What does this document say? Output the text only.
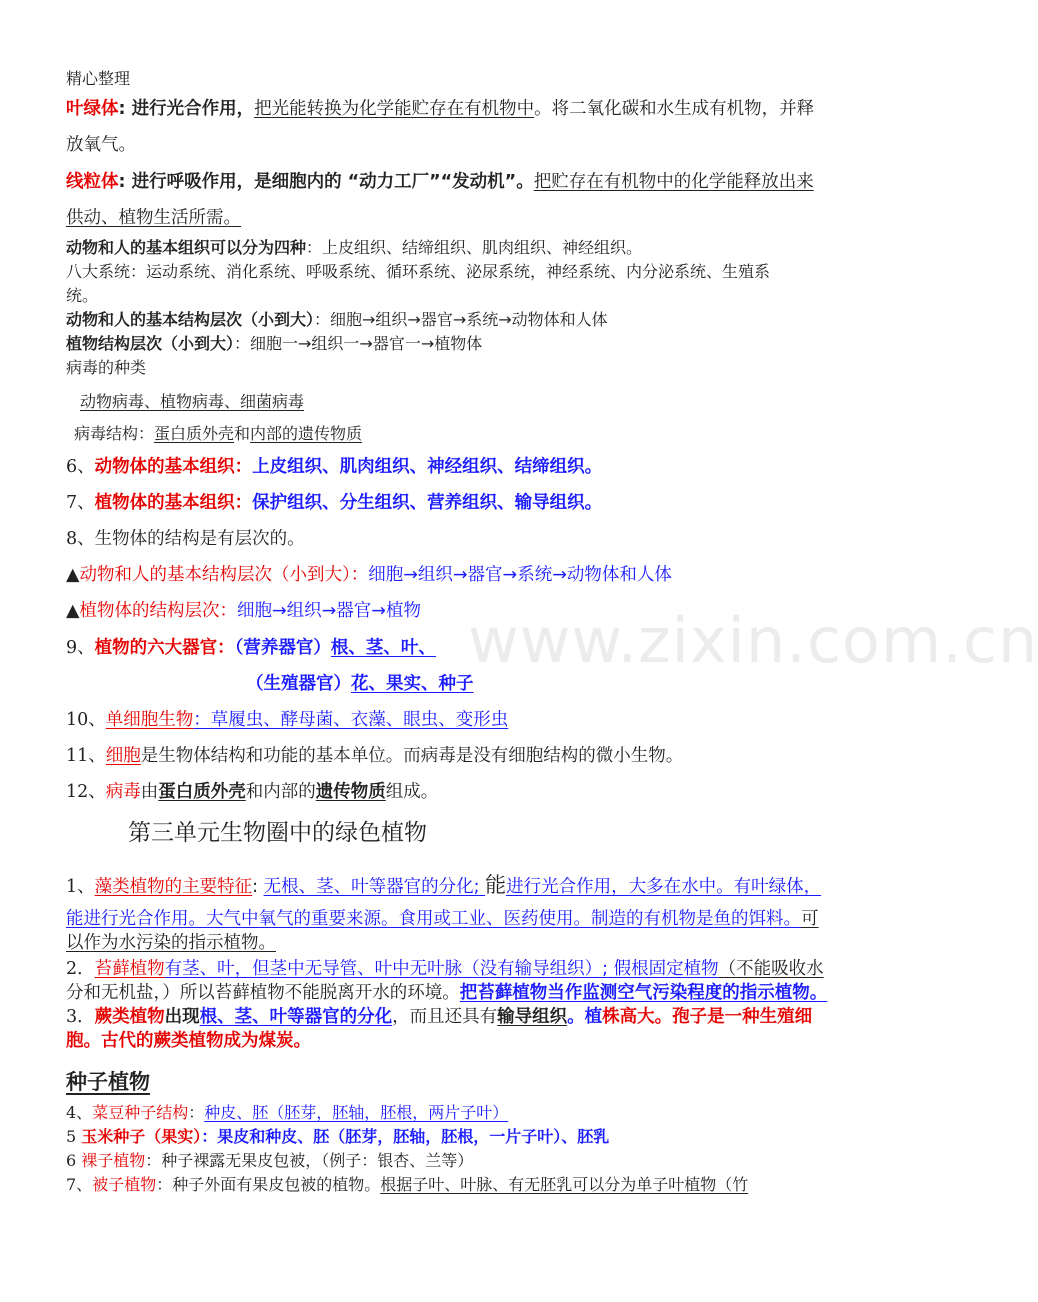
www.zixin.com.cn
精心整理
叶绿体: 进行光合作用，把光能转换为化学能贮存在有机物中。将二氧化碳和水生成有机物，并释
放氧气。
线粒体: 进行呼吸作用，是细胞内的 “动力工厂”“发动机”。把贮存在有机物中的化学能释放出来
供动、植物生活所需。
动物和人的基本组织可以分为四种：上皮组织、结缔组织、肌肉组织、神经组织。
八大系统：运动系统、消化系统、呼吸系统、循环系统、泌尿系统，神经系统、内分泌系统、生殖系
统。
动物和人的基本结构层次（小到大）：细胞→组织→器官→系统→动物体和人体
植物结构层次（小到大）：细胞一→组织一→器官一→植物体
病毒的种类
动物病毒、植物病毒、细菌病毒
病毒结构：蛋白质外壳和内部的遗传物质
6、动物体的基本组织：上皮组织、肌肉组织、神经组织、结缔组织。
7、植物体的基本组织：保护组织、分生组织、营养组织、输导组织。
8、生物体的结构是有层次的。
▲动物和人的基本结构层次（小到大）：细胞→组织→器官→系统→动物体和人体
▲植物体的结构层次：细胞→组织→器官→植物
9、植物的六大器官：（营养器官）根、茎、叶、
（生殖器官）花、果实、种子
10、单细胞生物：草履虫、酵母菌、衣藻、眼虫、变形虫
11、细胞是生物体结构和功能的基本单位。而病毒是没有细胞结构的微小生物。
12、病毒由蛋白质外壳和内部的遗传物质组成。
第三单元生物圈中的绿色植物
1、藻类植物的主要特征: 无根、茎、叶等器官的分化; 能进行光合作用，大多在水中。有叶绿体，
能进行光合作用。大气中氧气的重要来源。食用或工业、医药使用。制造的有机物是鱼的饵料。可
以作为水污染的指示植物。
2．苔藓植物有茎、叶，但茎中无导管、叶中无叶脉（没有输导组织）; 假根固定植物（不能吸收水
分和无机盐，）所以苔藓植物不能脱离开水的环境。把苔藓植物当作监测空气污染程度的指示植物。
3．蕨类植物出现根、茎、叶等器官的分化，而且还具有输导组织。植株高大。孢子是一种生殖细
胞。古代的蕨类植物成为煤炭。
种子植物
4、菜豆种子结构：种皮、胚（胚芽，胚轴，胚根，两片子叶）
5 玉米种子（果实）：果皮和种皮、胚（胚芽，胚轴，胚根，一片子叶）、胚乳
6 裸子植物：种子裸露无果皮包被，（例子：银杏、兰等）
7、被子植物：种子外面有果皮包被的植物。根据子叶、叶脉、有无胚乳可以分为单子叶植物（竹
